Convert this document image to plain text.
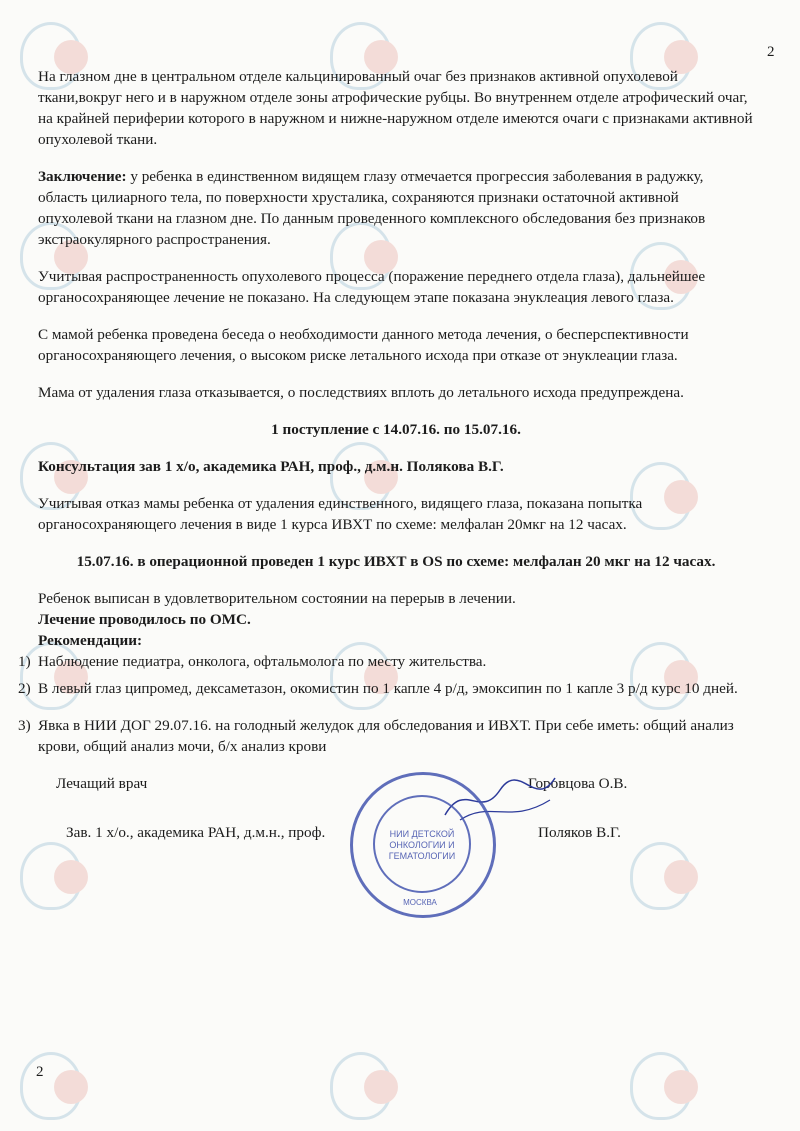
2

На глазном дне в центральном отделе кальцинированный очаг без признаков активной опухолевой ткани,вокруг него и в наружном отделе зоны атрофические рубцы. Во внутреннем отделе атрофический очаг, на крайней периферии которого в наружном и нижне-наружном отделе имеются очаги с признаками активной опухолевой ткани.

Заключение: у ребенка в единственном видящем глазу отмечается прогрессия заболевания в радужку, область цилиарного тела, по поверхности хрусталика, сохраняются признаки остаточной активной опухолевой ткани на глазном дне. По данным проведенного комплексного обследования без признаков экстраокулярного распространения.

Учитывая распространенность опухолевого процесса (поражение переднего отдела глаза), дальнейшее органосохраняющее лечение не показано. На следующем этапе показана энуклеация левого глаза.

С мамой ребенка проведена беседа о необходимости данного метода лечения, о бесперспективности органосохраняющего лечения, о высоком риске летального исхода при отказе от энуклеации глаза.

Мама от удаления глаза отказывается, о последствиях вплоть до летального исхода предупреждена.

1 поступление с 14.07.16. по 15.07.16.

Консультация зав 1 х/о, академика РАН, проф., д.м.н. Полякова В.Г.

Учитывая отказ мамы ребенка от удаления единственного, видящего глаза, показана попытка органосохраняющего лечения в виде 1 курса ИВХТ по схеме: мелфалан 20мкг на 12 часах.

15.07.16. в операционной проведен 1 курс ИВХТ в OS по схеме: мелфалан 20 мкг на 12 часах.

Ребенок выписан в удовлетворительном состоянии на перерыв в лечении.

Лечение проводилось по ОМС.

Рекомендации:

1) Наблюдение педиатра, онколога, офтальмолога по месту жительства.
2) В левый глаз ципромед, дексаметазон, окомистин по 1 капле 4 р/д, эмоксипин по 1 капле 3 р/д курс 10 дней.
3) Явка в НИИ ДОГ 29.07.16. на голодный желудок для обследования и ИВХТ. При себе иметь: общий анализ крови, общий анализ мочи, б/х анализ крови
Лечащий врач	Горовцова О.В.
Зав. 1 х/о., академика РАН, д.м.н., проф.	Поляков В.Г.
НИИ ДЕТСКОЙ ОНКОЛОГИИ И ГЕМАТОЛОГИИ
МОСКВА
2
